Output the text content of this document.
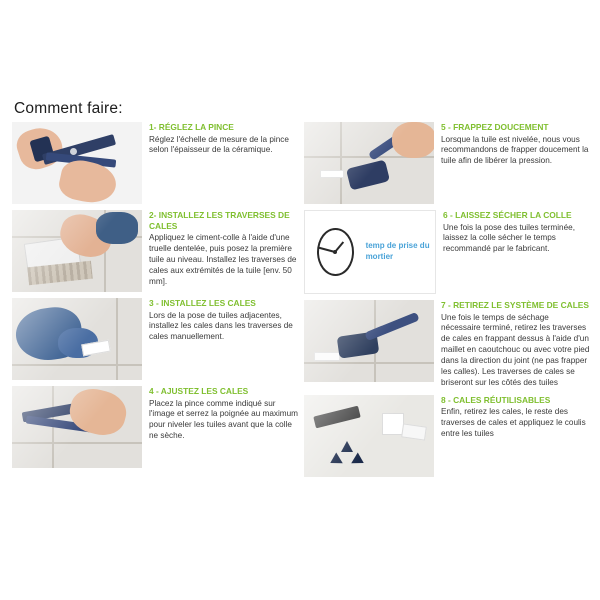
Comment faire:
1- RÉGLEZ LA PINCE
Réglez l'échelle de mesure de la pince selon l'épaisseur de la céramique.
2- INSTALLEZ LES TRAVERSES DE CALES
Appliquez le ciment-colle à l'aide d'une truelle dentelée, puis posez la première tuile au niveau. Installez les traverses de cales aux extrémités de la tuile [env. 50 mm].
3 - INSTALLEZ LES CALES
Lors de la pose de tuiles adjacentes, installez les cales dans les traverses de cales manuellement.
4 - AJUSTEZ LES CALES
Placez la pince comme indiqué sur l'image et serrez la poignée au maximum pour niveler les tuiles avant que la colle ne sèche.
5 - FRAPPEZ DOUCEMENT
Lorsque la tuile est nivelée, nous vous recommandons de frapper doucement la tuile afin de libérer la pression.
temp de prise du mortier
6 - LAISSEZ SÉCHER LA COLLE
Une fois la pose des tuiles terminée, laissez la colle sécher le temps recommandé par le fabricant.
7 - RETIREZ LE SYSTÈME DE CALES
Une fois le temps de séchage nécessaire terminé, retirez les traverses de cales en frappant dessus à l'aide d'un maillet en caoutchouc ou avec votre pied dans la direction du joint (ne pas frapper les calles). Les traverses de cales se briseront sur les côtés des tuiles
8 - CALES RÉUTILISABLES
Enfin, retirez les cales, le reste des traverses de cales et appliquez le coulis entre les tuiles
